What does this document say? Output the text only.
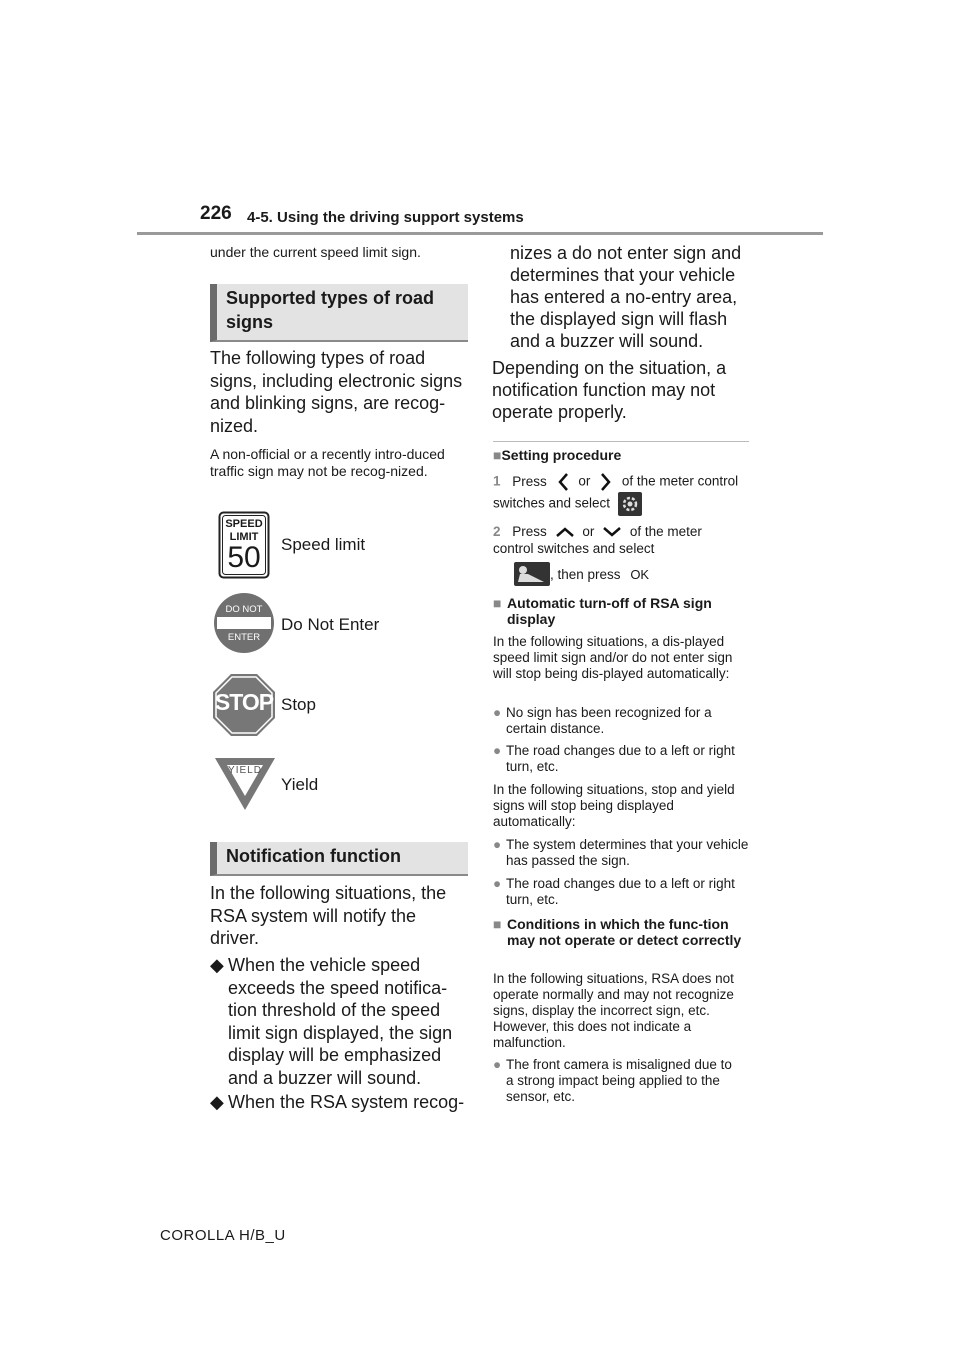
226 4-5. Using the driving support systems
under the current speed limit sign.
Supported types of road signs
The following types of road signs, including electronic signs and blinking signs, are recog-nized.
A non-official or a recently intro-duced traffic sign may not be recog-nized.
SPEED
LIMIT
50	Speed limit
DO NOT
ENTER
Do Not Enter
STOP Stop
YIELD
Yield
Notification function
In the following situations, the RSA system will notify the driver.
◆ When the vehicle speed exceeds the speed notifica-tion threshold of the speed limit sign displayed, the sign display will be emphasized and a buzzer will sound.
◆ When the RSA system recog-
nizes a do not enter sign and determines that your vehicle has entered a no-entry area, the displayed sign will flash and a buzzer will sound.
Depending on the situation, a notification function may not operate properly.
■Setting procedure
1 Press or of the meter control switches and select
2 Press	or	of the meter control switches and select
, then press OK
■ Automatic turn-off of RSA sign display
In the following situations, a dis-played speed limit sign and/or do not enter sign will stop being dis-played automatically:
● No sign has been recognized for a certain distance.
● The road changes due to a left or right turn, etc.
In the following situations, stop and yield signs will stop being displayed automatically:
● The system determines that your vehicle has passed the sign.
● The road changes due to a left or right turn, etc.
■ Conditions in which the func-tion may not operate or detect correctly
In the following situations, RSA does not operate normally and may not recognize signs, display the incorrect sign, etc. However, this does not indicate a malfunction.
● The front camera is misaligned due to a strong impact being applied to the sensor, etc.
COROLLA H/B_U
